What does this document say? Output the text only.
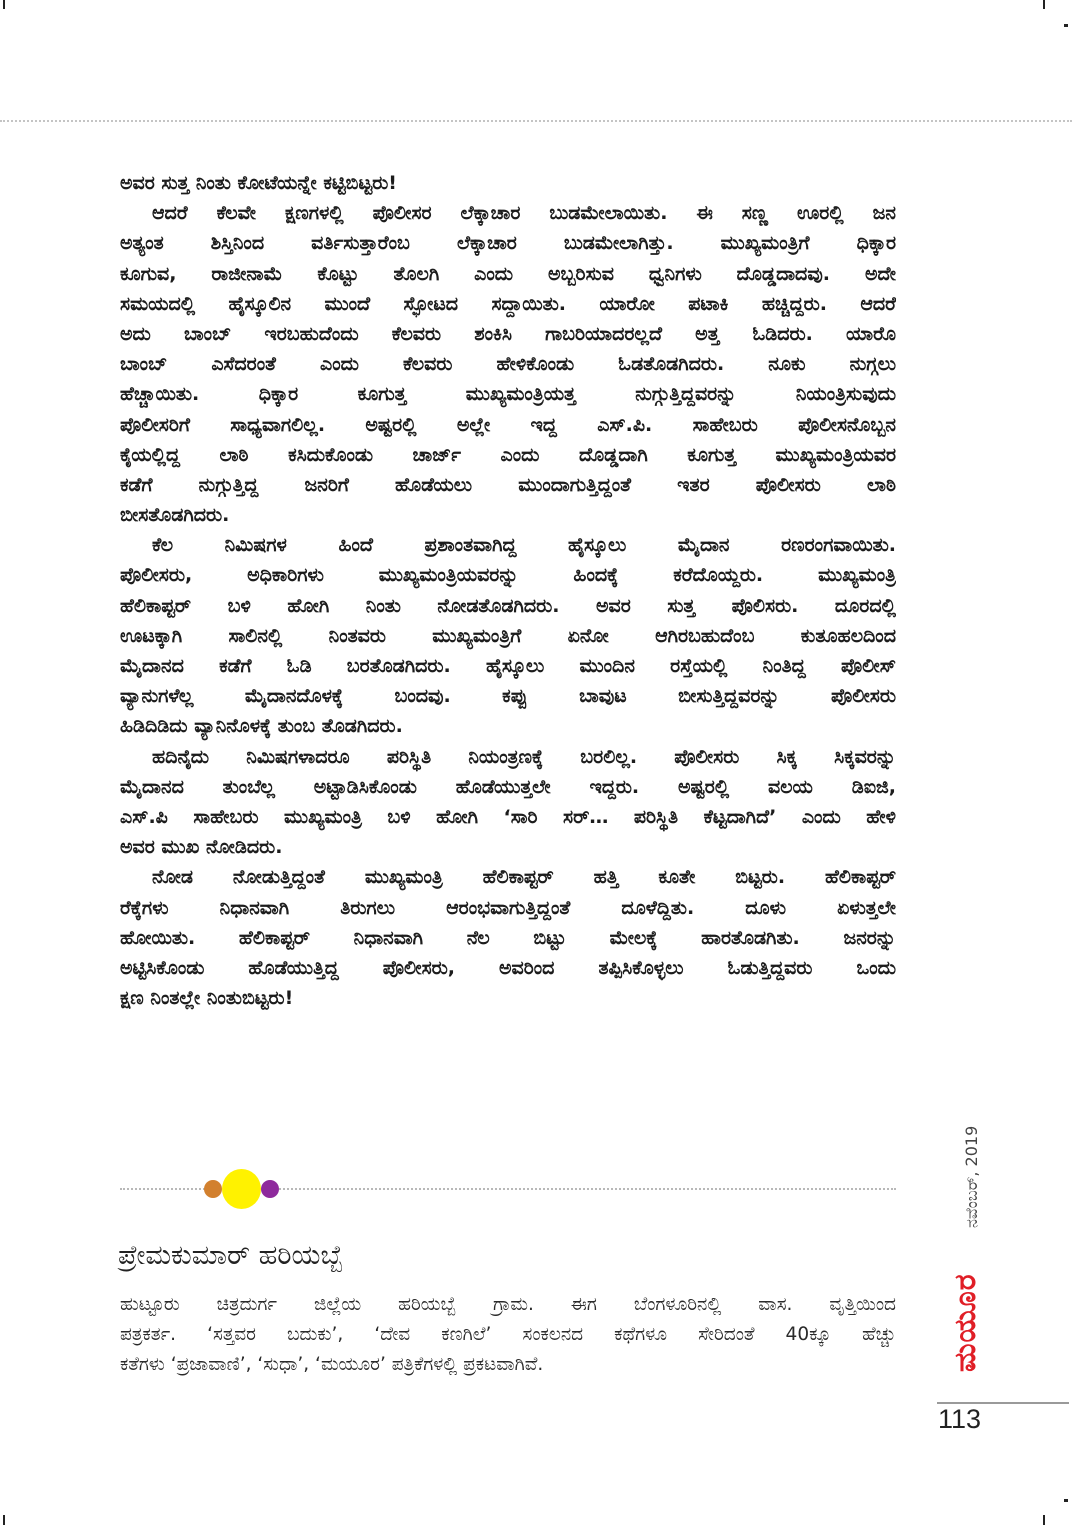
ಅವರ ಸುತ್ತ ನಿಂತು ಕೋಟೆಯನ್ನೇ ಕಟ್ಟಿಬಿಟ್ಟರು!
ಆದರೆ ಕೆಲವೇ ಕ್ಷಣಗಳಲ್ಲಿ ಪೊಲೀಸರ ಲೆಕ್ಕಾಚಾರ ಬುಡಮೇಲಾಯಿತು. ಈ ಸಣ್ಣ ಊರಲ್ಲಿ ಜನ
ಅತ್ಯಂತ ಶಿಸ್ತಿನಿಂದ ವರ್ತಿಸುತ್ತಾರೆಂಬ ಲೆಕ್ಕಾಚಾರ ಬುಡಮೇಲಾಗಿತ್ತು. ಮುಖ್ಯಮಂತ್ರಿಗೆ ಧಿಕ್ಕಾರ
ಕೂಗುವ, ರಾಜೀನಾಮೆ ಕೊಟ್ಟು ತೊಲಗಿ ಎಂದು ಅಬ್ಬರಿಸುವ ಧ್ವನಿಗಳು ದೊಡ್ಡದಾದವು. ಅದೇ
ಸಮಯದಲ್ಲಿ ಹೈಸ್ಕೂಲಿನ ಮುಂದೆ ಸ್ಫೋಟದ ಸದ್ದಾಯಿತು. ಯಾರೋ ಪಟಾಕಿ ಹಚ್ಚಿದ್ದರು. ಆದರೆ
ಅದು ಬಾಂಬ್ ಇರಬಹುದೆಂದು ಕೆಲವರು ಶಂಕಿಸಿ ಗಾಬರಿಯಾದರಲ್ಲದೆ ಅತ್ತ ಓಡಿದರು. ಯಾರೊ
ಬಾಂಬ್ ಎಸೆದರಂತೆ ಎಂದು ಕೆಲವರು ಹೇಳಿಕೊಂಡು ಓಡತೊಡಗಿದರು. ನೂಕು ನುಗ್ಗಲು
ಹೆಚ್ಚಾಯಿತು. ಧಿಕ್ಕಾರ ಕೂಗುತ್ತ ಮುಖ್ಯಮಂತ್ರಿಯತ್ತ ನುಗ್ಗುತ್ತಿದ್ದವರನ್ನು ನಿಯಂತ್ರಿಸುವುದು
ಪೊಲೀಸರಿಗೆ ಸಾಧ್ಯವಾಗಲಿಲ್ಲ. ಅಷ್ಟರಲ್ಲಿ ಅಲ್ಲೇ ಇದ್ದ ಎಸ್.ಪಿ. ಸಾಹೇಬರು ಪೊಲೀಸನೊಬ್ಬನ
ಕೈಯಲ್ಲಿದ್ದ ಲಾಠಿ ಕಸಿದುಕೊಂಡು ಚಾರ್ಜ್ ಎಂದು ದೊಡ್ಡದಾಗಿ ಕೂಗುತ್ತ ಮುಖ್ಯಮಂತ್ರಿಯವರ
ಕಡೆಗೆ ನುಗ್ಗುತ್ತಿದ್ದ ಜನರಿಗೆ ಹೊಡೆಯಲು ಮುಂದಾಗುತ್ತಿದ್ದಂತೆ ಇತರ ಪೊಲೀಸರು ಲಾಠಿ
ಬೀಸತೊಡಗಿದರು.
ಕೆಲ ನಿಮಿಷಗಳ ಹಿಂದೆ ಪ್ರಶಾಂತವಾಗಿದ್ದ ಹೈಸ್ಕೂಲು ಮೈದಾನ ರಣರಂಗವಾಯಿತು.
ಪೊಲೀಸರು, ಅಧಿಕಾರಿಗಳು ಮುಖ್ಯಮಂತ್ರಿಯವರನ್ನು ಹಿಂದಕ್ಕೆ ಕರೆದೊಯ್ದರು. ಮುಖ್ಯಮಂತ್ರಿ
ಹೆಲಿಕಾಪ್ಟರ್ ಬಳಿ ಹೋಗಿ ನಿಂತು ನೋಡತೊಡಗಿದರು. ಅವರ ಸುತ್ತ ಪೊಲಿಸರು. ದೂರದಲ್ಲಿ
ಊಟಕ್ಕಾಗಿ ಸಾಲಿನಲ್ಲಿ ನಿಂತವರು ಮುಖ್ಯಮಂತ್ರಿಗೆ ಏನೋ ಆಗಿರಬಹುದೆಂಬ ಕುತೂಹಲದಿಂದ
ಮೈದಾನದ ಕಡೆಗೆ ಓಡಿ ಬರತೊಡಗಿದರು. ಹೈಸ್ಕೂಲು ಮುಂದಿನ ರಸ್ತೆಯಲ್ಲಿ ನಿಂತಿದ್ದ ಪೊಲೀಸ್
ವ್ಯಾನುಗಳೆಲ್ಲ ಮೈದಾನದೊಳಕ್ಕೆ ಬಂದವು. ಕಪ್ಪು ಬಾವುಟ ಬೀಸುತ್ತಿದ್ದವರನ್ನು ಪೊಲೀಸರು
ಹಿಡಿದಿಡಿದು ವ್ಯಾನಿನೊಳಕ್ಕೆ ತುಂಬ ತೊಡಗಿದರು.
ಹದಿನೈದು ನಿಮಿಷಗಳಾದರೂ ಪರಿಸ್ಥಿತಿ ನಿಯಂತ್ರಣಕ್ಕೆ ಬರಲಿಲ್ಲ. ಪೊಲೀಸರು ಸಿಕ್ಕ ಸಿಕ್ಕವರನ್ನು
ಮೈದಾನದ ತುಂಬೆಲ್ಲ ಅಟ್ಟಾಡಿಸಿಕೊಂಡು ಹೊಡೆಯುತ್ತಲೇ ಇದ್ದರು. ಅಷ್ಟರಲ್ಲಿ ವಲಯ ಡಿಐಜಿ,
ಎಸ್.ಪಿ ಸಾಹೇಬರು ಮುಖ್ಯಮಂತ್ರಿ ಬಳಿ ಹೋಗಿ ‘ಸಾರಿ ಸರ್… ಪರಿಸ್ಥಿತಿ ಕೆಟ್ಟದಾಗಿದೆ’ ಎಂದು ಹೇಳಿ
ಅವರ ಮುಖ ನೋಡಿದರು.
ನೋಡ ನೋಡುತ್ತಿದ್ದಂತೆ ಮುಖ್ಯಮಂತ್ರಿ ಹೆಲಿಕಾಪ್ಟರ್ ಹತ್ತಿ ಕೂತೇ ಬಿಟ್ಟರು. ಹೆಲಿಕಾಪ್ಟರ್
ರೆಕ್ಕೆಗಳು ನಿಧಾನವಾಗಿ ತಿರುಗಲು ಆರಂಭವಾಗುತ್ತಿದ್ದಂತೆ ದೂಳೆದ್ದಿತು. ದೂಳು ಏಳುತ್ತಲೇ
ಹೋಯಿತು. ಹೆಲಿಕಾಪ್ಟರ್ ನಿಧಾನವಾಗಿ ನೆಲ ಬಿಟ್ಟು ಮೇಲಕ್ಕೆ ಹಾರತೊಡಗಿತು. ಜನರನ್ನು
ಅಟ್ಟಿಸಿಕೊಂಡು ಹೊಡೆಯುತ್ತಿದ್ದ ಪೊಲೀಸರು, ಅವರಿಂದ ತಪ್ಪಿಸಿಕೊಳ್ಳಲು ಓಡುತ್ತಿದ್ದವರು ಒಂದು
ಕ್ಷಣ ನಿಂತಲ್ಲೇ ನಿಂತುಬಿಟ್ಟರು!
ಪ್ರೇಮಕುಮಾರ್ ಹರಿಯಬ್ಬೆ
ಹುಟ್ಟೂರು ಚಿತ್ರದುರ್ಗ ಜಿಲ್ಲೆಯ ಹರಿಯಬ್ಬೆ ಗ್ರಾಮ. ಈಗ ಬೆಂಗಳೂರಿನಲ್ಲಿ ವಾಸ. ವೃತ್ತಿಯಿಂದ
ಪತ್ರಕರ್ತ. ‘ಸತ್ತವರ ಬದುಕು’, ‘ದೇವ ಕಣಗಿಲೆ’ ಸಂಕಲನದ ಕಥೆಗಳೂ ಸೇರಿದಂತೆ 40ಕ್ಕೂ ಹೆಚ್ಚು
ಕತೆಗಳು ‘ಪ್ರಜಾವಾಣಿ’, ‘ಸುಧಾ’, ‘ಮಯೂರ’ ಪತ್ರಿಕೆಗಳಲ್ಲಿ ಪ್ರಕಟವಾಗಿವೆ.
ನವೆಂಬರ್, 2019
ಮಯೂರ
113
